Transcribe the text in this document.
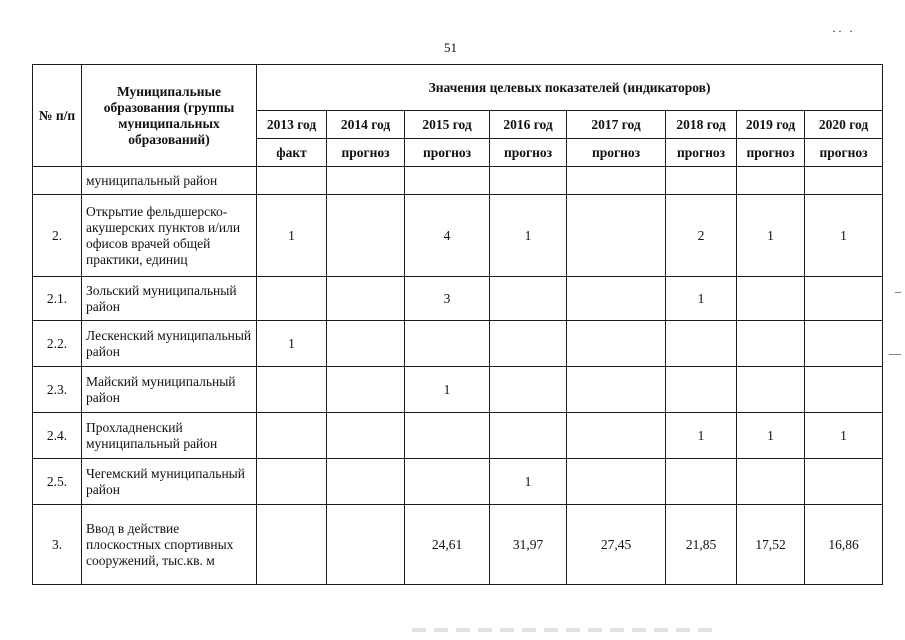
51
·· ·
–
—
№ п/п	Муниципальные образования (группы муниципальных образований)	Значения целевых показателей (индикаторов)							
		2013 год	2014 год	2015 год	2016 год	2017 год	2018 год	2019 год	2020 год
		факт	прогноз	прогноз	прогноз	прогноз	прогноз	прогноз	прогноз
	муниципальный район								
2.	Открытие фельдшерско-акушерских пунктов и/или офисов врачей общей практики, единиц	1		4	1		2	1	1
2.1.	Зольский муниципальный район			3			1		
2.2.	Лескенский муниципальный район	1							
2.3.	Майский муниципальный район			1					
2.4.	Прохладненский муниципальный район						1	1	1
2.5.	Чегемский муниципальный район				1				
3.	Ввод в действие плоскостных спортивных сооружений, тыс.кв. м			24,61	31,97	27,45	21,85	17,52	16,86
